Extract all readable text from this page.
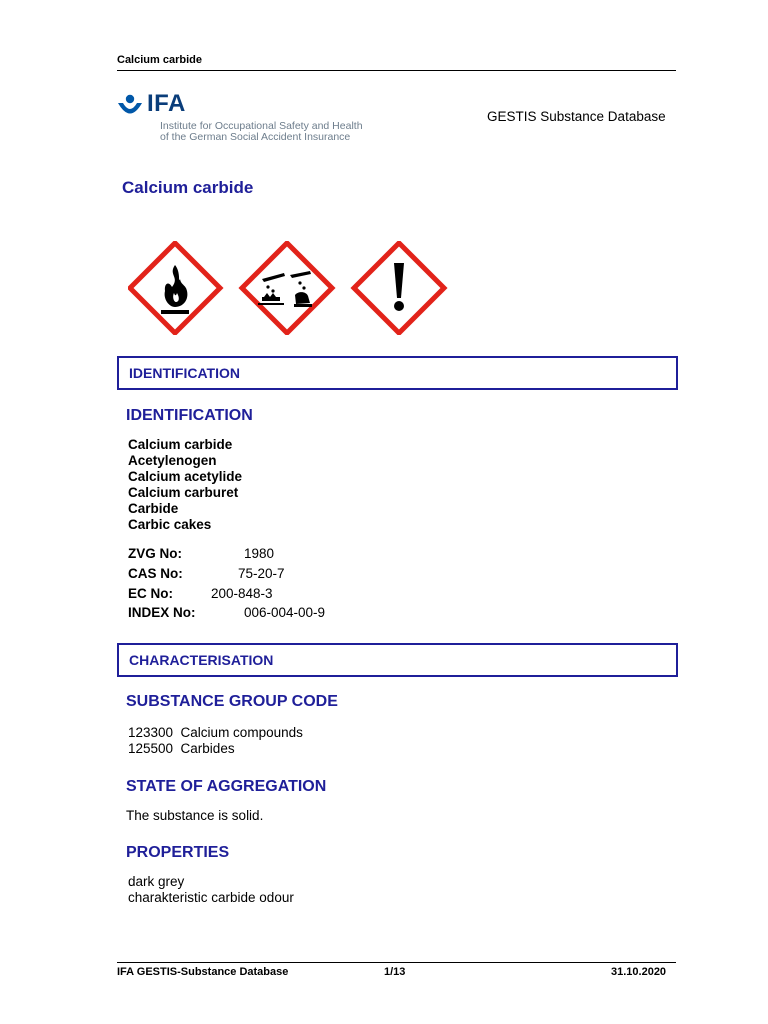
Calcium carbide
IFA
Institute for Occupational Safety and Health
of the German Social Accident Insurance
GESTIS Substance Database
Calcium carbide
IDENTIFICATION
IDENTIFICATION
Calcium carbide
Acetylenogen
Calcium acetylide
Calcium carburet
Carbide
Carbic cakes
ZVG No:	1980
CAS No:	75-20-7
EC No:	200-848-3
INDEX No:	006-004-00-9
CHARACTERISATION
SUBSTANCE GROUP CODE
123300  Calcium compounds
125500  Carbides
STATE OF AGGREGATION
The substance is solid.
PROPERTIES
dark grey
charakteristic carbide odour
IFA GESTIS-Substance Database	1/13	31.10.2020
